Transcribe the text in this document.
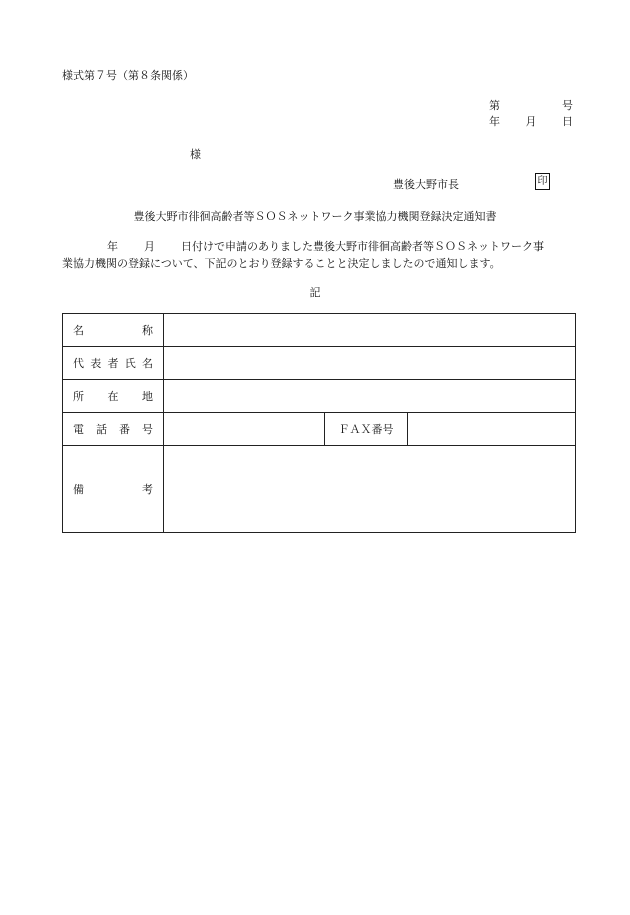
様式第７号（第８条関係）
第	号
年 月 日
様
豊後大野市長	印
豊後大野市徘徊高齢者等ＳＯＳネットワーク事業協力機関登録決定通知書
年 月 日付けで申請のありました豊後大野市徘徊高齢者等ＳＯＳネットワーク事
業協力機関の登録について、下記のとおり登録することと決定しましたので通知します。
記
名 称			

代 表 者 氏 名			

所 在 地			

電 話 番 号		ＦＡＸ番号	

備 考			
